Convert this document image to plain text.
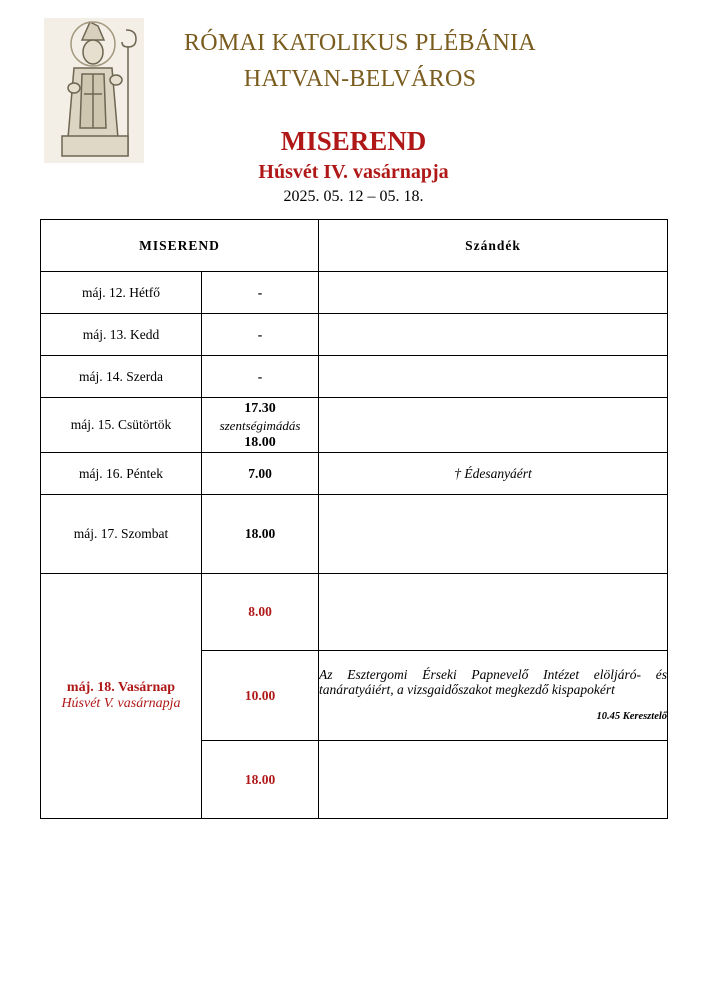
RÓMAI KATOLIKUS PLÉBÁNIA
HATVAN-BELVÁROS
MISEREND
Húsvét IV. vasárnapja
2025. 05. 12 – 05. 18.
MISEREND		Szándék
máj. 12. Hétfő	-	
máj. 13. Kedd	-	
máj. 14. Szerda	-	
máj. 15. Csütörtök	17.30
szentségimádás
18.00	

máj. 16. Péntek	7.00	† Édesanyáért
máj. 17. Szombat	18.00	

máj. 18. Vasárnap
Húsvét V. vasárnapja	8.00	
	10.00	Az Esztergomi Érseki Papnevelő Intézet elöljáró- és tanáratyáiért, a vizsgaidőszakot megkezdő kispapokért
10.45 Keresztelő

	18.00	
